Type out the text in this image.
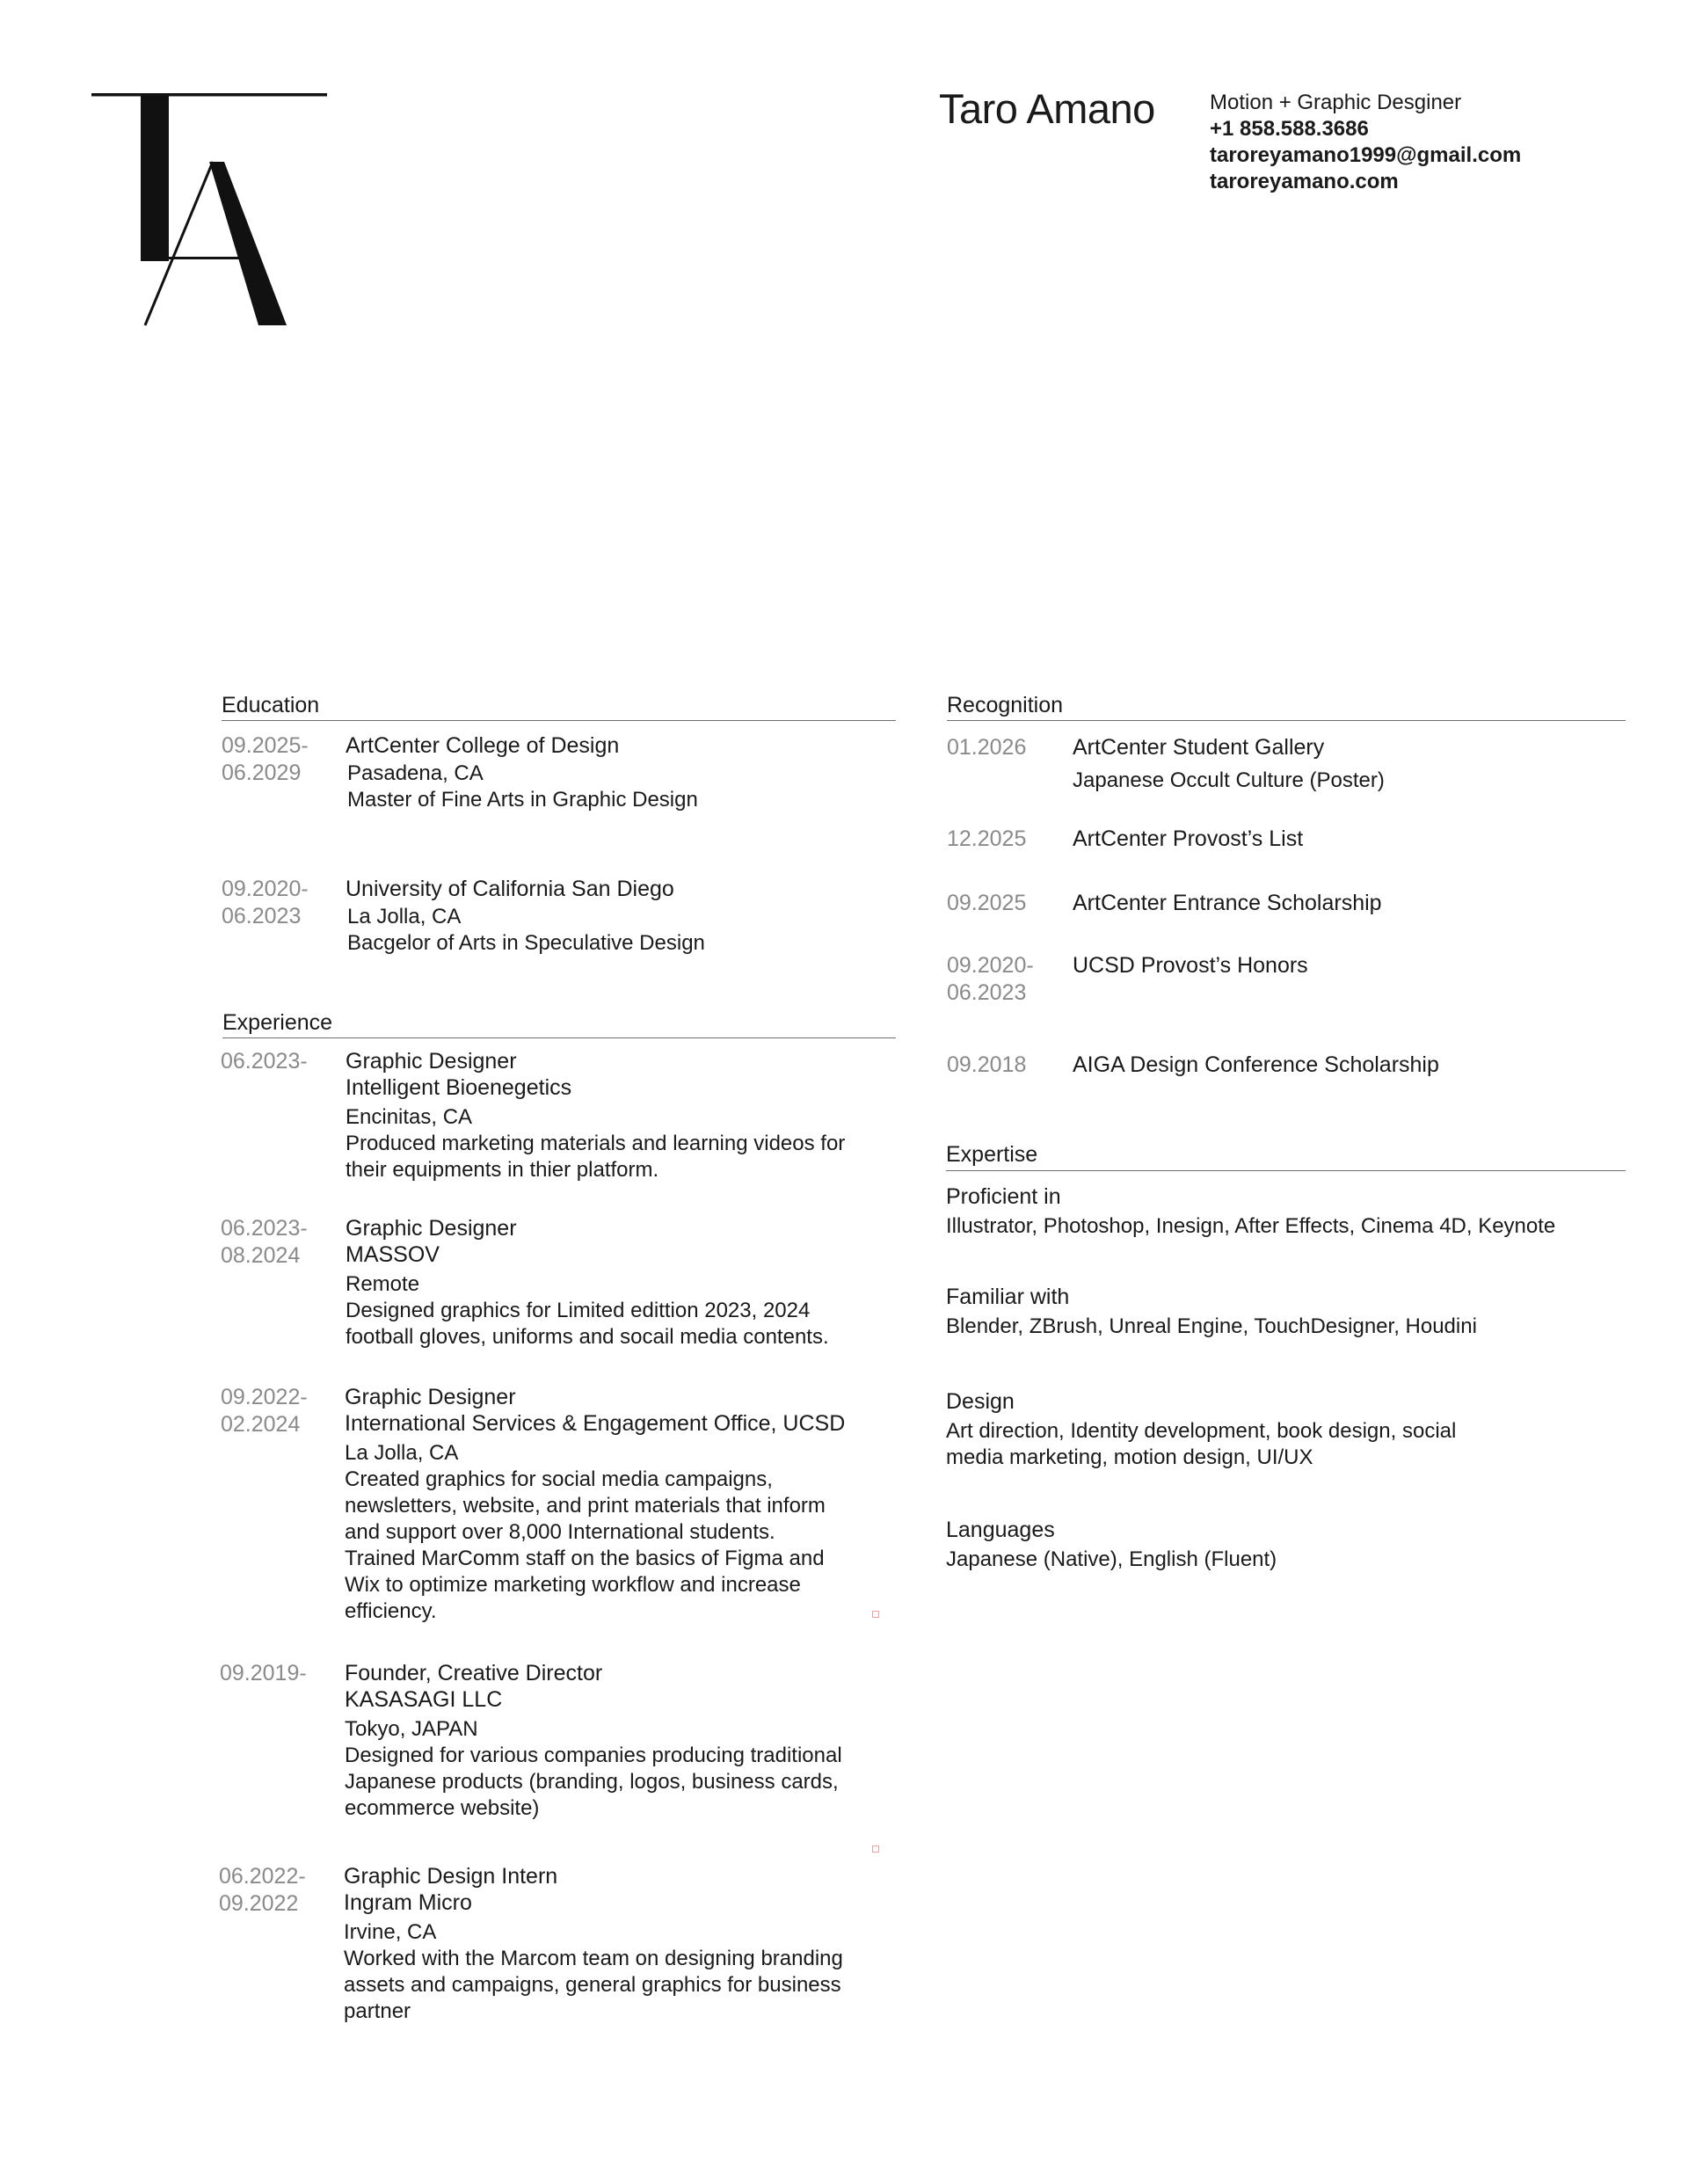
Taro Amano	Motion + Graphic Desginer
+1 858.588.3686
taroreyamano1999@gmail.com
taroreyamano.com
Education
09.2025-
06.2029
ArtCenter College of Design
Pasadena, CA
Master of Fine Arts in Graphic Design
09.2020-
06.2023
University of California San Diego
La Jolla, CA
Bacgelor of Arts in Speculative Design
Experience
06.2023- Graphic Designer
Intelligent Bioenegetics
Encinitas, CA
Produced marketing materials and learning videos for
their equipments in thier platform.
06.2023-
08.2024
Graphic Designer
MASSOV
Remote
Designed graphics for Limited edittion 2023, 2024
football gloves, uniforms and socail media contents.
09.2022-
02.2024
Graphic Designer
International Services & Engagement Office, UCSD
La Jolla, CA
Created graphics for social media campaigns,
newsletters, website, and print materials that inform
and support over 8,000 International students.
Trained MarComm staff on the basics of Figma and
Wix to optimize marketing workflow and increase
efficiency.
09.2019- Founder, Creative Director
KASASAGI LLC
Tokyo, JAPAN
Designed for various companies producing traditional
Japanese products (branding, logos, business cards,
ecommerce website)
06.2022-
09.2022
Graphic Design Intern
Ingram Micro
Irvine, CA
Worked with the Marcom team on designing branding
assets and campaigns, general graphics for business
partner
Recognition
01.2026 ArtCenter Student Gallery
Japanese Occult Culture (Poster)
12.2025 ArtCenter Provost’s List
09.2025 ArtCenter Entrance Scholarship
09.2020-
06.2023
UCSD Provost’s Honors
09.2018 AIGA Design Conference Scholarship
Expertise
Proficient in
Illustrator, Photoshop, Inesign, After Effects, Cinema 4D, Keynote
Familiar with
Blender, ZBrush, Unreal Engine, TouchDesigner, Houdini
Design
Art direction, Identity development, book design, social
media marketing, motion design, UI/UX
Languages
Japanese (Native), English (Fluent)
